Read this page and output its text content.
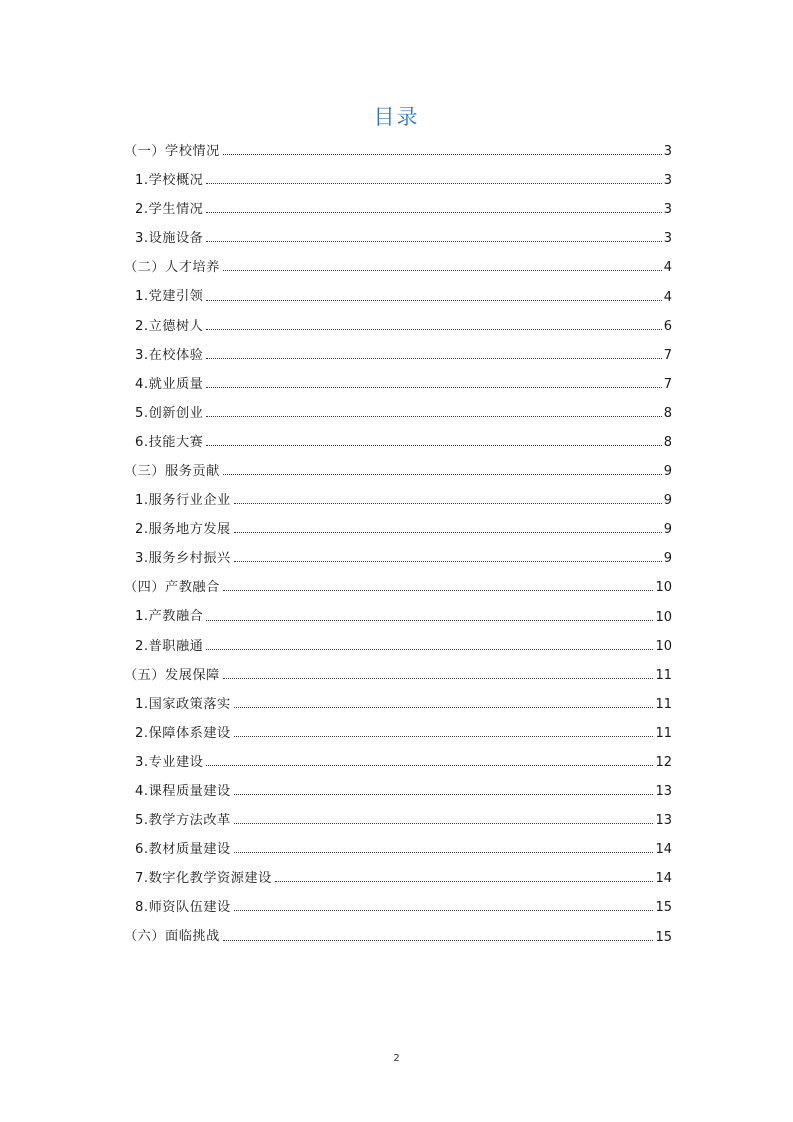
目录
（一）学校情况	3
1.学校概况	3
2.学生情况	3
3.设施设备	3
（二）人才培养	4
1.党建引领	4
2.立德树人	6
3.在校体验	7
4.就业质量	7
5.创新创业	8
6.技能大赛	8
（三）服务贡献	9
1.服务行业企业	9
2.服务地方发展	9
3.服务乡村振兴	9
（四）产教融合	10
1.产教融合	10
2.普职融通	10
（五）发展保障	11
1.国家政策落实	11
2.保障体系建设	11
3.专业建设	12
4.课程质量建设	13
5.教学方法改革	13
6.教材质量建设	14
7.数字化教学资源建设	14
8.师资队伍建设	15
（六）面临挑战	15
2
